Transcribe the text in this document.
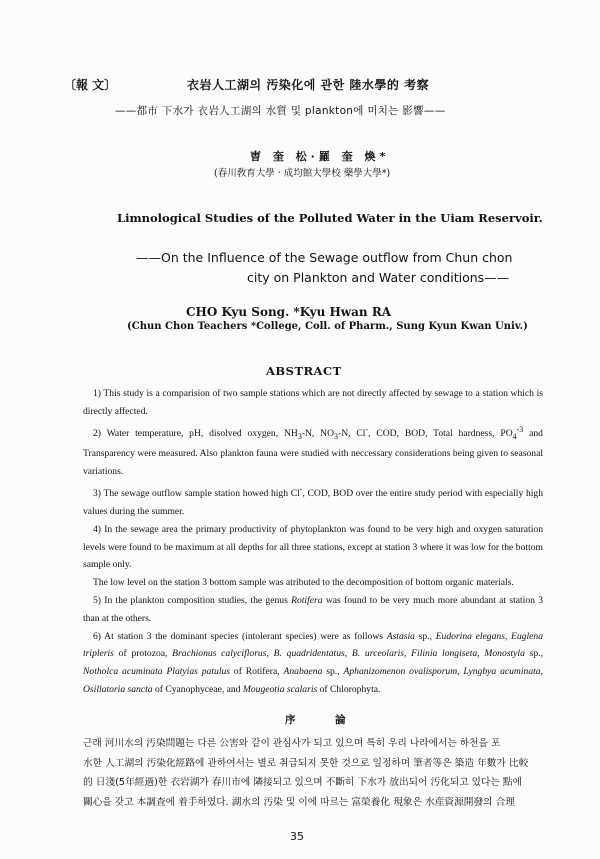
〔報 文〕	衣岩人工湖의 汚染化에 관한 陸水學的 考察
——都市 下水가 衣岩人工湖의 水質 및 plankton에 미치는 影響——
曺 奎 松·羅 奎 煥*
(春川敎育大學 · 成均館大學校 藥學大學*)
Limnological Studies of the Polluted Water in the Uiam Reservoir.
——On the Influence of the Sewage outflow from Chun chon
city on Plankton and Water conditions——
CHO Kyu Song. *Kyu Hwan RA
(Chun Chon Teachers *College, Coll. of Pharm., Sung Kyun Kwan Univ.)
ABSTRACT

1) This study is a comparision of two sample stations which are not directly affected by sewage to a station which is directly affected.

2) Water temperature, pH, disolved oxygen, $NH_3-N$, $NO_3-N$, Cl-, COD, BOD, Total hardness, $PO_4^{-3}$ and Transparency were measured. Also plankton fauna were studied with neccessary considerations being given to seasonal variations.

3) The sewage outflow sample station howed high Cl-, COD, BOD over the entire study period with especially high values during the summer.

4) In the sewage area the primary productivity of phytoplankton was found to be very high and oxygen saturation levels were found to be maximum at all depths for all three stations, except at station 3 where it was low for the bottom sample only.

The low level on the station 3 bottom sample was atributed to the decomposition of bottom organic materials.

5) In the plankton composition studies, the genus Rotifera was found to be very much more abundant at station 3 than at the others.

6) At station 3 the dominant species (intolerant species) were as follows Astasia sp., Eudorina elegans, Euglena tripleris of protozoa, Brachionus calyciflorus, B. quadridentatus, B. urceolaris, Filinia longiseta, Monostyla sp., Notholca acuminata Platyias patulus of Rotifera, Anabaena sp., Aphanizomenon ovalisporum, Lyngbya acuminata, Osillatoria sancta of Cyanophyceae, and Mougeotia scalaris of Chlorophyta.

序 論

근래 河川水의 汚染問題는 다른 公害와 같이 관심사가 되고 있으며 특히 우리 나라에서는 하천을 포

水한 人工湖의 汚染化經路에 관하여서는 별로 취급되지 못한 것으로 일정하며 筆者等은 築造 年數가 比較

的 日淺(5年經過)한 衣岩湖가 春川市에 隣接되고 있으며 不斷히 下水가 放出되어 汚化되고 있다는 點에

關心을 갖고 本調査에 着手하였다. 湖水의 汚染 및 이에 따르는 富榮養化 現象은 水産資源開發의 合理

35
